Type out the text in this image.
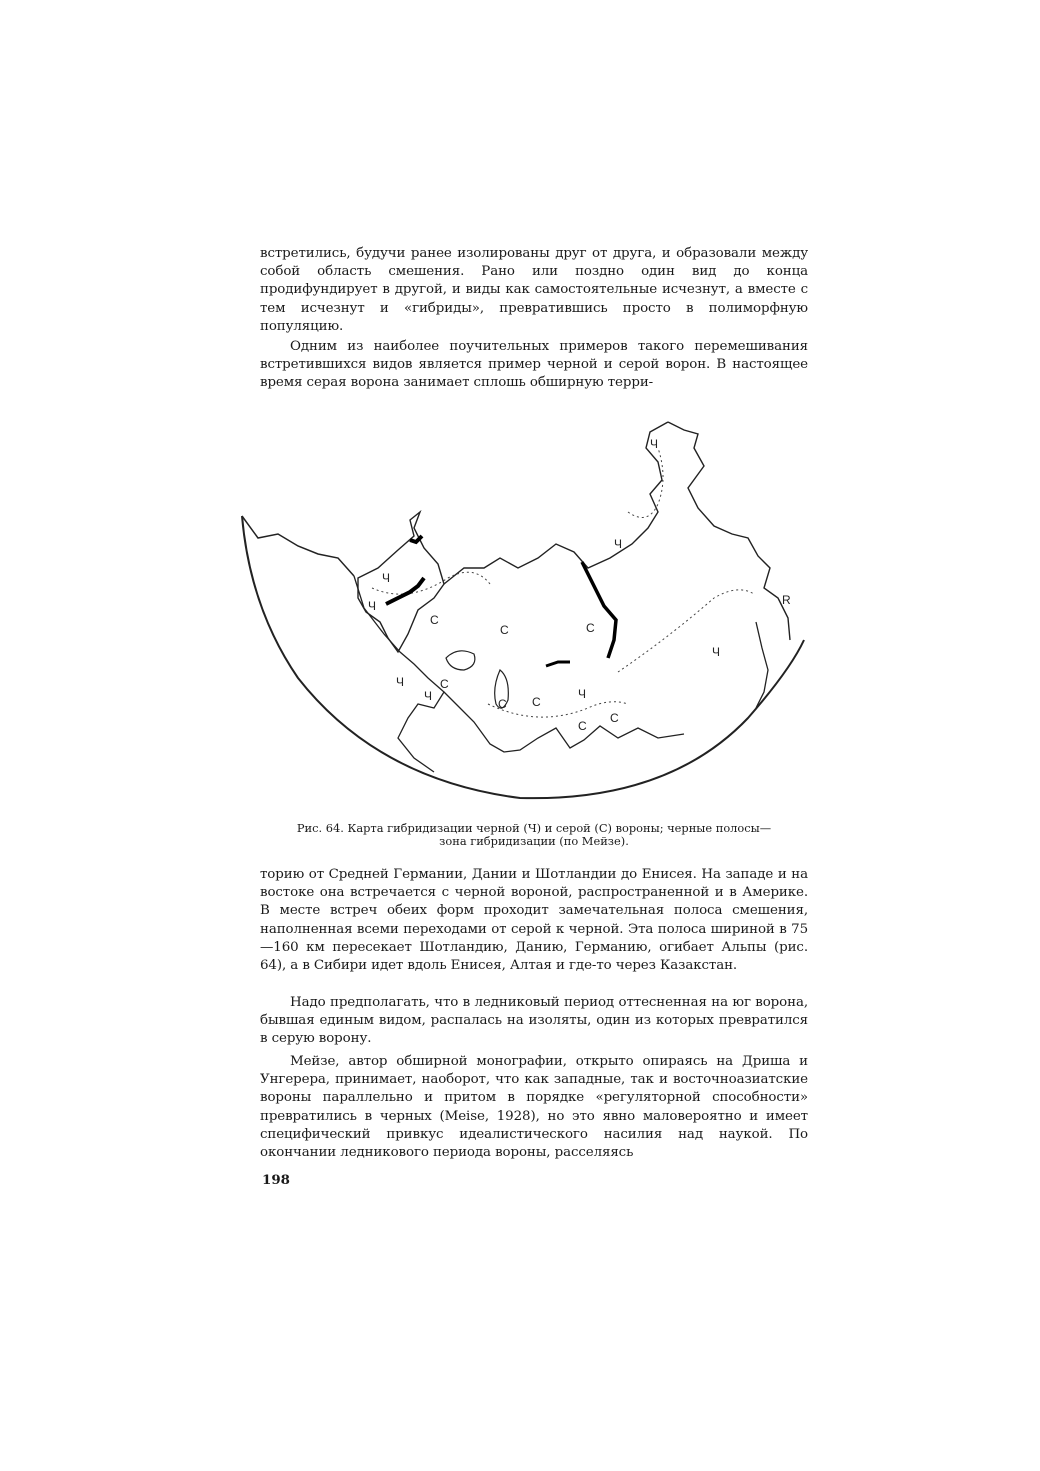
встретились, будучи ранее изолированы друг от друга, и образовали между собой область смешения. Рано или поздно один вид до конца продифундирует в другой, и виды как самостоятельные исчезнут, а вместе с тем исчезнут и «гибриды», превратившись просто в полиморфную популяцию.

Одним из наиболее поучительных примеров такого перемешивания встретившихся видов является пример черной и серой ворон. В настоящее время серая ворона занимает сплошь обширную терри-

Ч
Ч
С
С	С
Ч
Ч
Ч
R
Ч
Ч
С
С С
Ч
С
С
Рис. 64. Карта гибридизации черной (Ч) и серой (С) вороны; черные полосы—
зона гибридизации (по Мейзе).

торию от Средней Германии, Дании и Шотландии до Енисея. На западе и на востоке она встречается с черной вороной, распространенной и в Америке. В месте встреч обеих форм проходит замечательная полоса смешения, наполненная всеми переходами от серой к черной. Эта полоса шириной в 75—160 км пересекает Шотландию, Данию, Германию, огибает Альпы (рис. 64), а в Сибири идет вдоль Енисея, Алтая и где-то через Казакстан.

Надо предполагать, что в ледниковый период оттесненная на юг ворона, бывшая единым видом, распалась на изоляты, один из которых превратился в серую ворону.

Мейзе, автор обширной монографии, открыто опираясь на Дриша и Унгерера, принимает, наоборот, что как западные, так и восточноазиатские вороны параллельно и притом в порядке «регуляторной способности» превратились в черных (Meise, 1928), но это явно маловероятно и имеет специфический привкус идеалистического насилия над наукой. По окончании ледникового периода вороны, расселяясь

198
